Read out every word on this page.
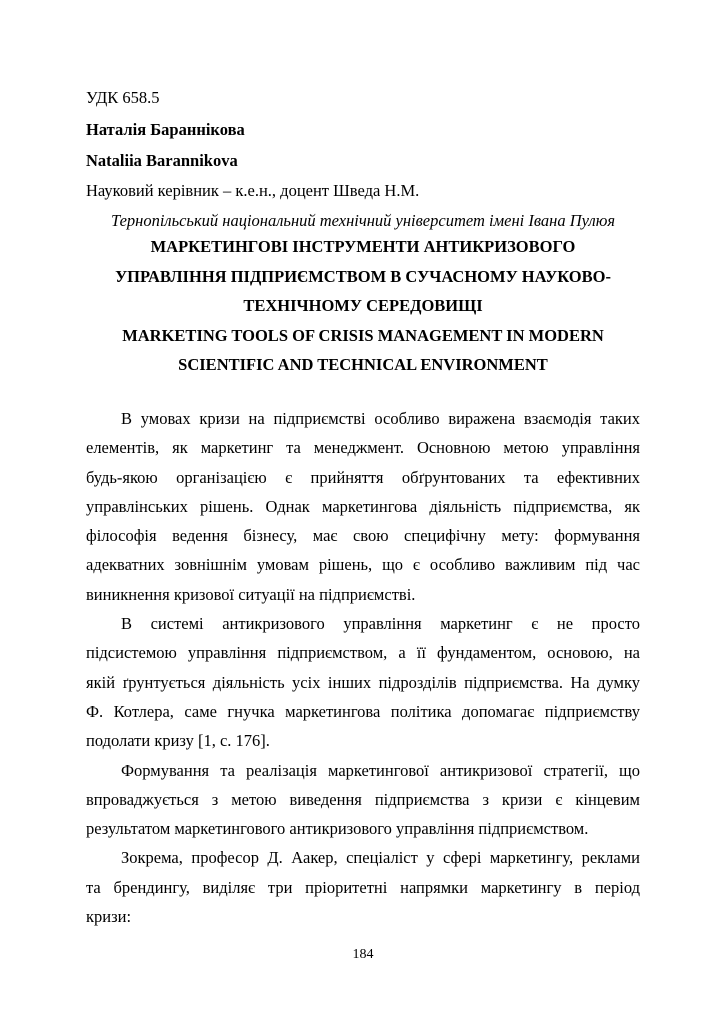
УДК 658.5
Наталія Бараннікова
Nataliia Barannikova
Науковий керівник – к.е.н., доцент Шведа Н.М.
Тернопільський національний технічний університет імені Івана Пулюя
МАРКЕТИНГОВІ ІНСТРУМЕНТИ АНТИКРИЗОВОГО
УПРАВЛІННЯ ПІДПРИЄМСТВОМ В СУЧАСНОМУ НАУКОВО-
ТЕХНІЧНОМУ СЕРЕДОВИЩІ
MARKETING TOOLS OF CRISIS MANAGEMENT IN MODERN
SCIENTIFIC AND TECHNICAL ENVIRONMENT
В умовах кризи на підприємстві особливо виражена взаємодія таких
елементів, як маркетинг та менеджмент. Основною метою управління
будь-якою організацією є прийняття обґрунтованих та ефективних
управлінських рішень. Однак маркетингова діяльність підприємства, як
філософія ведення бізнесу, має свою специфічну мету: формування
адекватних зовнішнім умовам рішень, що є особливо важливим під час
виникнення кризової ситуації на підприємстві.
В системі антикризового управління маркетинг є не просто
підсистемою управління підприємством, а її фундаментом, основою, на
якій ґрунтується діяльність усіх інших підрозділів підприємства. На думку
Ф. Котлера, саме гнучка маркетингова політика допомагає підприємству
подолати кризу [1, с. 176].
Формування та реалізація маркетингової антикризової стратегії, що
впроваджується з метою виведення підприємства з кризи є кінцевим
результатом маркетингового антикризового управління підприємством.
Зокрема, професор Д. Аакер, спеціаліст у сфері маркетингу, реклами
та брендингу, виділяє три пріоритетні напрямки маркетингу в період
кризи:
184
